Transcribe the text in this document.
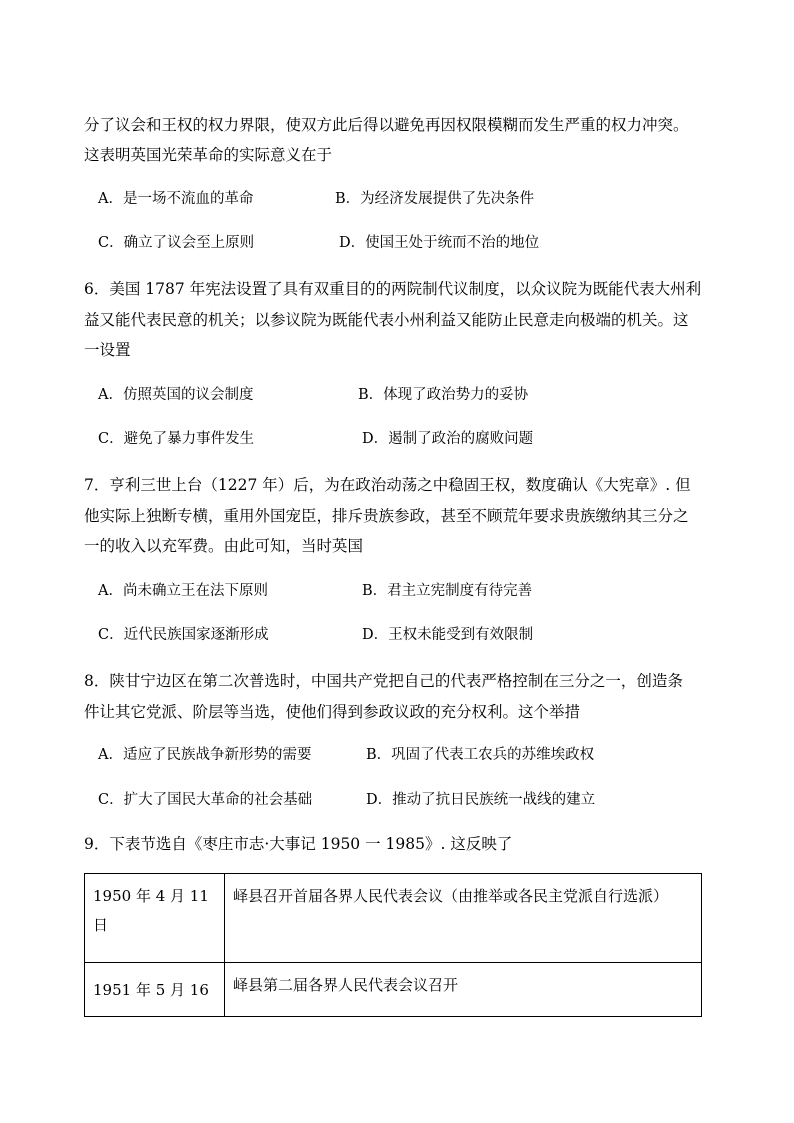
分了议会和王权的权力界限，使双方此后得以避免再因权限模糊而发生严重的权力冲突。
这表明英国光荣革命的实际意义在于
A．是一场不流血的革命	B．为经济发展提供了先决条件
C．确立了议会至上原则	D．使国王处于统而不治的地位
6．美国 1787 年宪法设置了具有双重目的的两院制代议制度，以众议院为既能代表大州利
益又能代表民意的机关；以参议院为既能代表小州利益又能防止民意走向极端的机关。这
一设置
A．仿照英国的议会制度	B．体现了政治势力的妥协
C．避免了暴力事件发生	D．遏制了政治的腐败问题
7．亨利三世上台（1227 年）后，为在政治动荡之中稳固王权，数度确认《大宪章》. 但
他实际上独断专横，重用外国宠臣，排斥贵族参政，甚至不顾荒年要求贵族缴纳其三分之
一的收入以充军费。由此可知，当时英国
A．尚未确立王在法下原则	B．君主立宪制度有待完善
C．近代民族国家逐渐形成	D．王权未能受到有效限制
8．陕甘宁边区在第二次普选时，中国共产党把自己的代表严格控制在三分之一，创造条
件让其它党派、阶层等当选，使他们得到参政议政的充分权利。这个举措
A．适应了民族战争新形势的需要	B．巩固了代表工农兵的苏维埃政权
C．扩大了国民大革命的社会基础	D．推动了抗日民族统一战线的建立
9．下表节选自《枣庄市志·大事记 1950 一 1985》. 这反映了
1950 年 4 月 11 日	峄县召开首届各界人民代表会议（由推举或各民主党派自行选派）
1951 年 5 月 16	峄县第二届各界人民代表会议召开
